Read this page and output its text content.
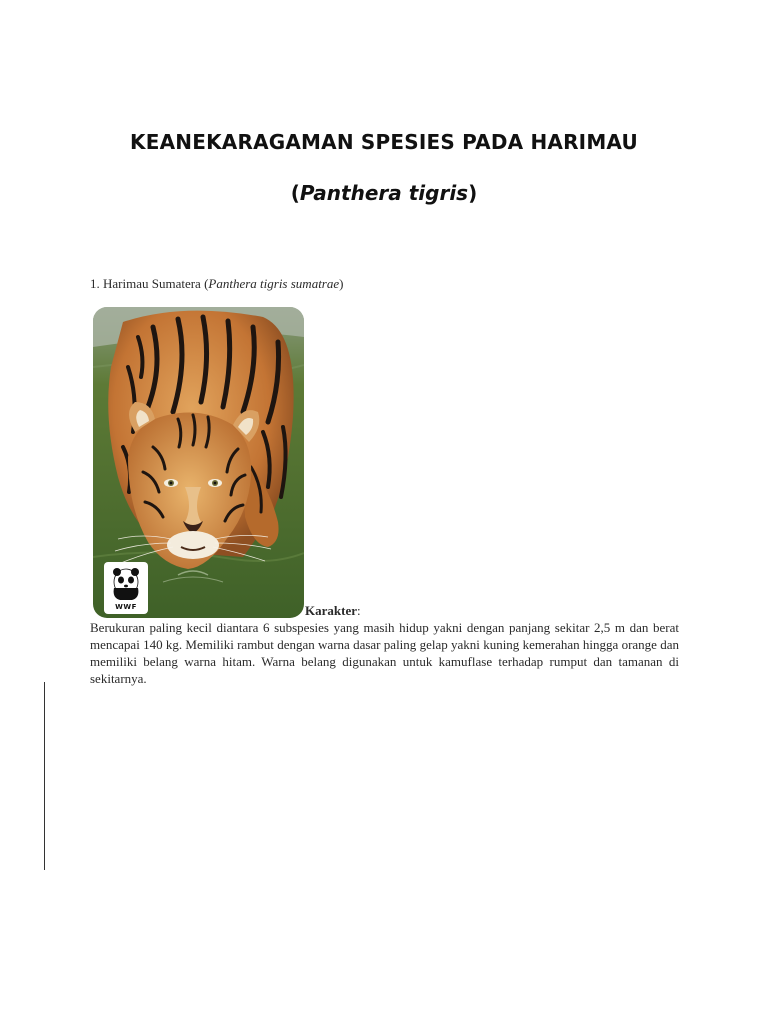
KEANEKARAGAMAN SPESIES PADA HARIMAU
(Panthera tigris)
1. Harimau Sumatera (Panthera tigris sumatrae)
WWF	Karakter:
Berukuran paling kecil diantara 6 subspesies yang masih hidup yakni dengan panjang sekitar 2,5 m dan berat mencapai 140 kg. Memiliki rambut dengan warna dasar paling gelap yakni kuning kemerahan hingga orange dan memiliki belang warna hitam. Warna belang digunakan untuk kamuflase terhadap rumput dan tamanan di sekitarnya.
